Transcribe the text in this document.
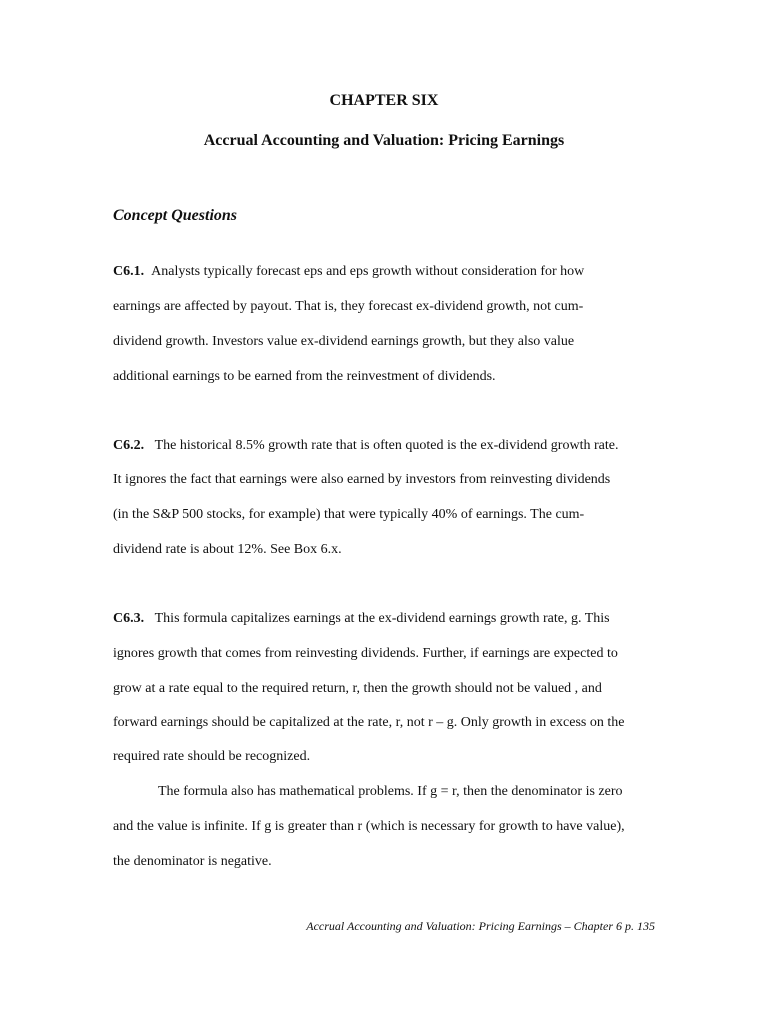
CHAPTER SIX
Accrual Accounting and Valuation: Pricing Earnings
Concept Questions
C6.1. Analysts typically forecast eps and eps growth without consideration for how
earnings are affected by payout. That is, they forecast ex-dividend growth, not cum-
dividend growth. Investors value ex-dividend earnings growth, but they also value
additional earnings to be earned from the reinvestment of dividends.
C6.2. The historical 8.5% growth rate that is often quoted is the ex-dividend growth rate.
It ignores the fact that earnings were also earned by investors from reinvesting dividends
(in the S&P 500 stocks, for example) that were typically 40% of earnings. The cum-
dividend rate is about 12%. See Box 6.x.
C6.3. This formula capitalizes earnings at the ex-dividend earnings growth rate, g. This
ignores growth that comes from reinvesting dividends. Further, if earnings are expected to
grow at a rate equal to the required return, r, then the growth should not be valued , and
forward earnings should be capitalized at the rate, r, not r – g. Only growth in excess on the
required rate should be recognized.
The formula also has mathematical problems. If g = r, then the denominator is zero
and the value is infinite. If g is greater than r (which is necessary for growth to have value),
the denominator is negative.
Accrual Accounting and Valuation: Pricing Earnings – Chapter 6 p. 135
